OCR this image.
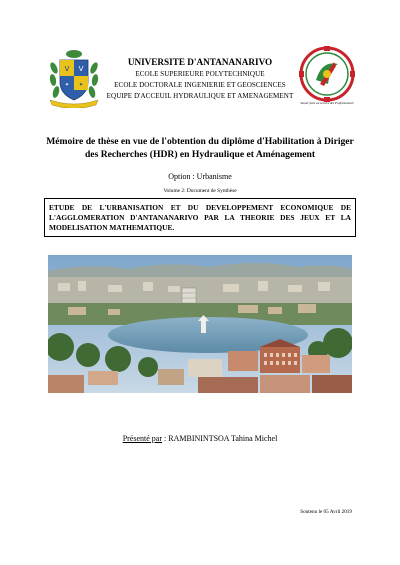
V V
✦ ✦
UNIVERSITE D'ANTANANARIVO
ECOLE SUPERIEURE POLYTECHNIQUE
ECOLE DOCTORALE INGENIERIE ET GEOSCIENCES
EQUIPE D'ACCEUIL HYDRAULIQUE ET AMENAGEMENT
Savoir faire au service des Professionnels
Mémoire de thèse en vue de l'obtention du diplôme d'Habilitation à Diriger des Recherches (HDR) en Hydraulique et Aménagement
Option : Urbanisme
Volume 2: Document de Synthèse
ETUDE DE L'URBANISATION ET DU DEVELOPPEMENT ECONOMIQUE DE L'AGGLOMERATION D'ANTANANARIVO PAR LA THEORIE DES JEUX ET LA MODELISATION MATHEMATIQUE.
Présenté par : RAMBININTSOA Tahina Michel
Soutenu le 05 Avril 2019
